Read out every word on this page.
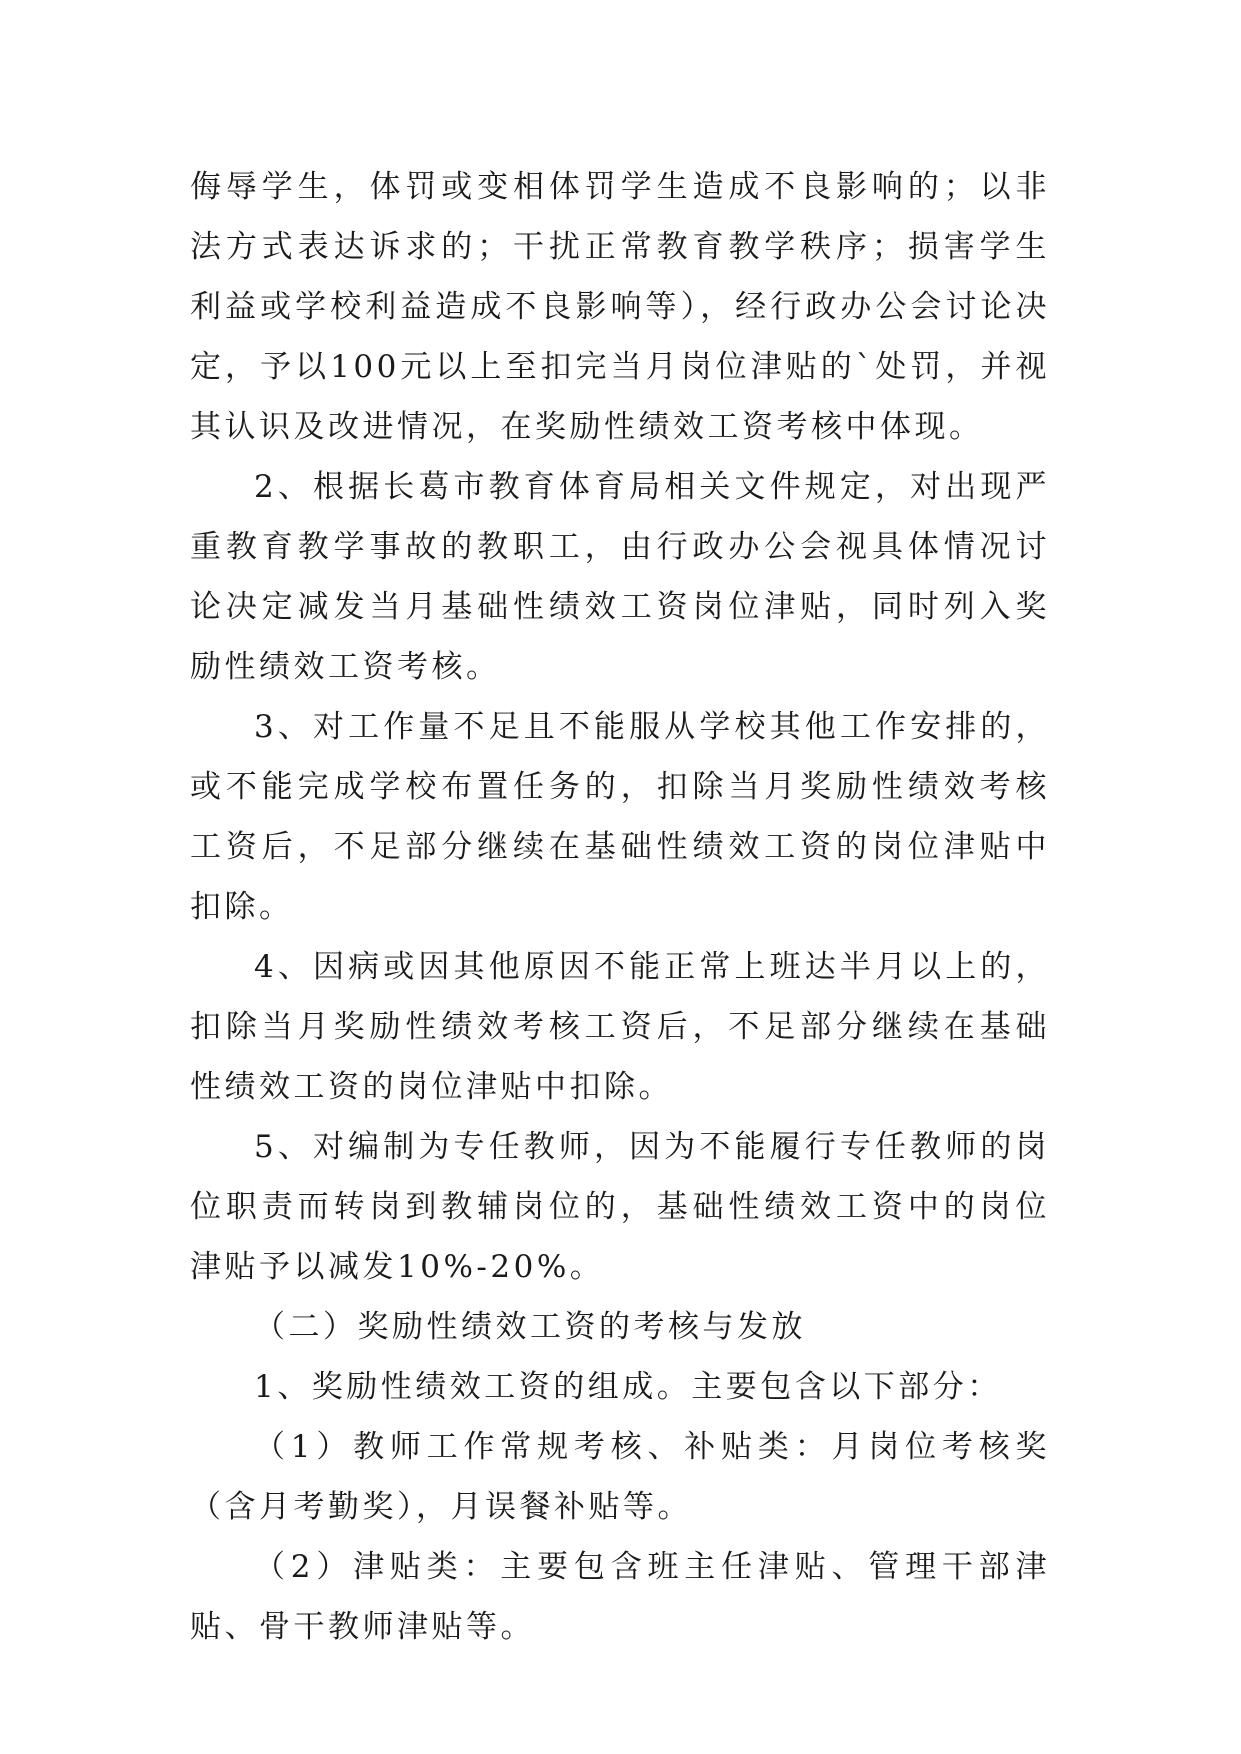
侮辱学生，体罚或变相体罚学生造成不良影响的；以非法方式表达诉求的；干扰正常教育教学秩序；损害学生利益或学校利益造成不良影响等），经行政办公会讨论决定，予以100元以上至扣完当月岗位津贴的`处罚，并视其认识及改进情况，在奖励性绩效工资考核中体现。

2、根据长葛市教育体育局相关文件规定，对出现严重教育教学事故的教职工，由行政办公会视具体情况讨论决定减发当月基础性绩效工资岗位津贴，同时列入奖励性绩效工资考核。

3、对工作量不足且不能服从学校其他工作安排的，或不能完成学校布置任务的，扣除当月奖励性绩效考核工资后，不足部分继续在基础性绩效工资的岗位津贴中扣除。

4、因病或因其他原因不能正常上班达半月以上的，扣除当月奖励性绩效考核工资后，不足部分继续在基础性绩效工资的岗位津贴中扣除。

5、对编制为专任教师，因为不能履行专任教师的岗位职责而转岗到教辅岗位的，基础性绩效工资中的岗位津贴予以减发10%-20%。

（二）奖励性绩效工资的考核与发放

1、奖励性绩效工资的组成。主要包含以下部分：

（1）教师工作常规考核、补贴类：月岗位考核奖（含月考勤奖），月误餐补贴等。

（2）津贴类：主要包含班主任津贴、管理干部津贴、骨干教师津贴等。
